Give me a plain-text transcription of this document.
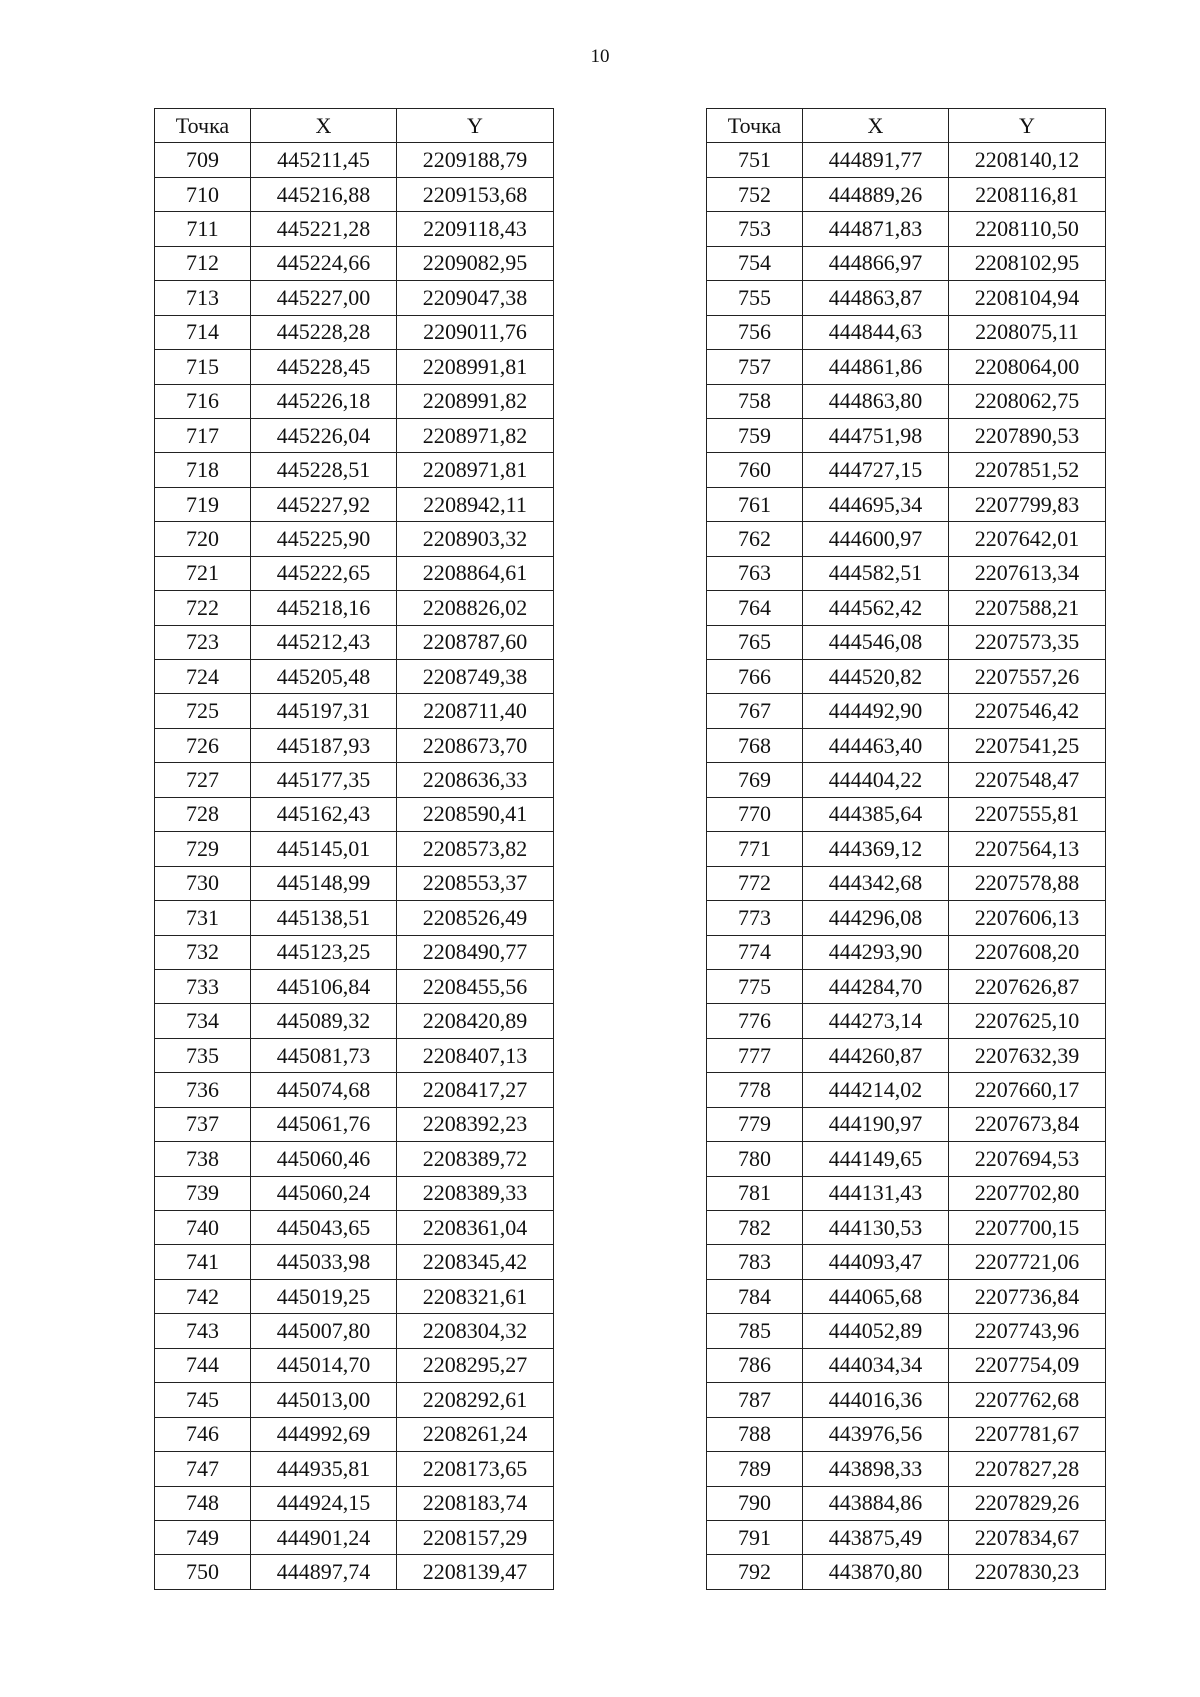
10
Точка	X	Y
709	445211,45	2209188,79
710	445216,88	2209153,68
711	445221,28	2209118,43
712	445224,66	2209082,95
713	445227,00	2209047,38
714	445228,28	2209011,76
715	445228,45	2208991,81
716	445226,18	2208991,82
717	445226,04	2208971,82
718	445228,51	2208971,81
719	445227,92	2208942,11
720	445225,90	2208903,32
721	445222,65	2208864,61
722	445218,16	2208826,02
723	445212,43	2208787,60
724	445205,48	2208749,38
725	445197,31	2208711,40
726	445187,93	2208673,70
727	445177,35	2208636,33
728	445162,43	2208590,41
729	445145,01	2208573,82
730	445148,99	2208553,37
731	445138,51	2208526,49
732	445123,25	2208490,77
733	445106,84	2208455,56
734	445089,32	2208420,89
735	445081,73	2208407,13
736	445074,68	2208417,27
737	445061,76	2208392,23
738	445060,46	2208389,72
739	445060,24	2208389,33
740	445043,65	2208361,04
741	445033,98	2208345,42
742	445019,25	2208321,61
743	445007,80	2208304,32
744	445014,70	2208295,27
745	445013,00	2208292,61
746	444992,69	2208261,24
747	444935,81	2208173,65
748	444924,15	2208183,74
749	444901,24	2208157,29
750	444897,74	2208139,47
Точка	X	Y
751	444891,77	2208140,12
752	444889,26	2208116,81
753	444871,83	2208110,50
754	444866,97	2208102,95
755	444863,87	2208104,94
756	444844,63	2208075,11
757	444861,86	2208064,00
758	444863,80	2208062,75
759	444751,98	2207890,53
760	444727,15	2207851,52
761	444695,34	2207799,83
762	444600,97	2207642,01
763	444582,51	2207613,34
764	444562,42	2207588,21
765	444546,08	2207573,35
766	444520,82	2207557,26
767	444492,90	2207546,42
768	444463,40	2207541,25
769	444404,22	2207548,47
770	444385,64	2207555,81
771	444369,12	2207564,13
772	444342,68	2207578,88
773	444296,08	2207606,13
774	444293,90	2207608,20
775	444284,70	2207626,87
776	444273,14	2207625,10
777	444260,87	2207632,39
778	444214,02	2207660,17
779	444190,97	2207673,84
780	444149,65	2207694,53
781	444131,43	2207702,80
782	444130,53	2207700,15
783	444093,47	2207721,06
784	444065,68	2207736,84
785	444052,89	2207743,96
786	444034,34	2207754,09
787	444016,36	2207762,68
788	443976,56	2207781,67
789	443898,33	2207827,28
790	443884,86	2207829,26
791	443875,49	2207834,67
792	443870,80	2207830,23
